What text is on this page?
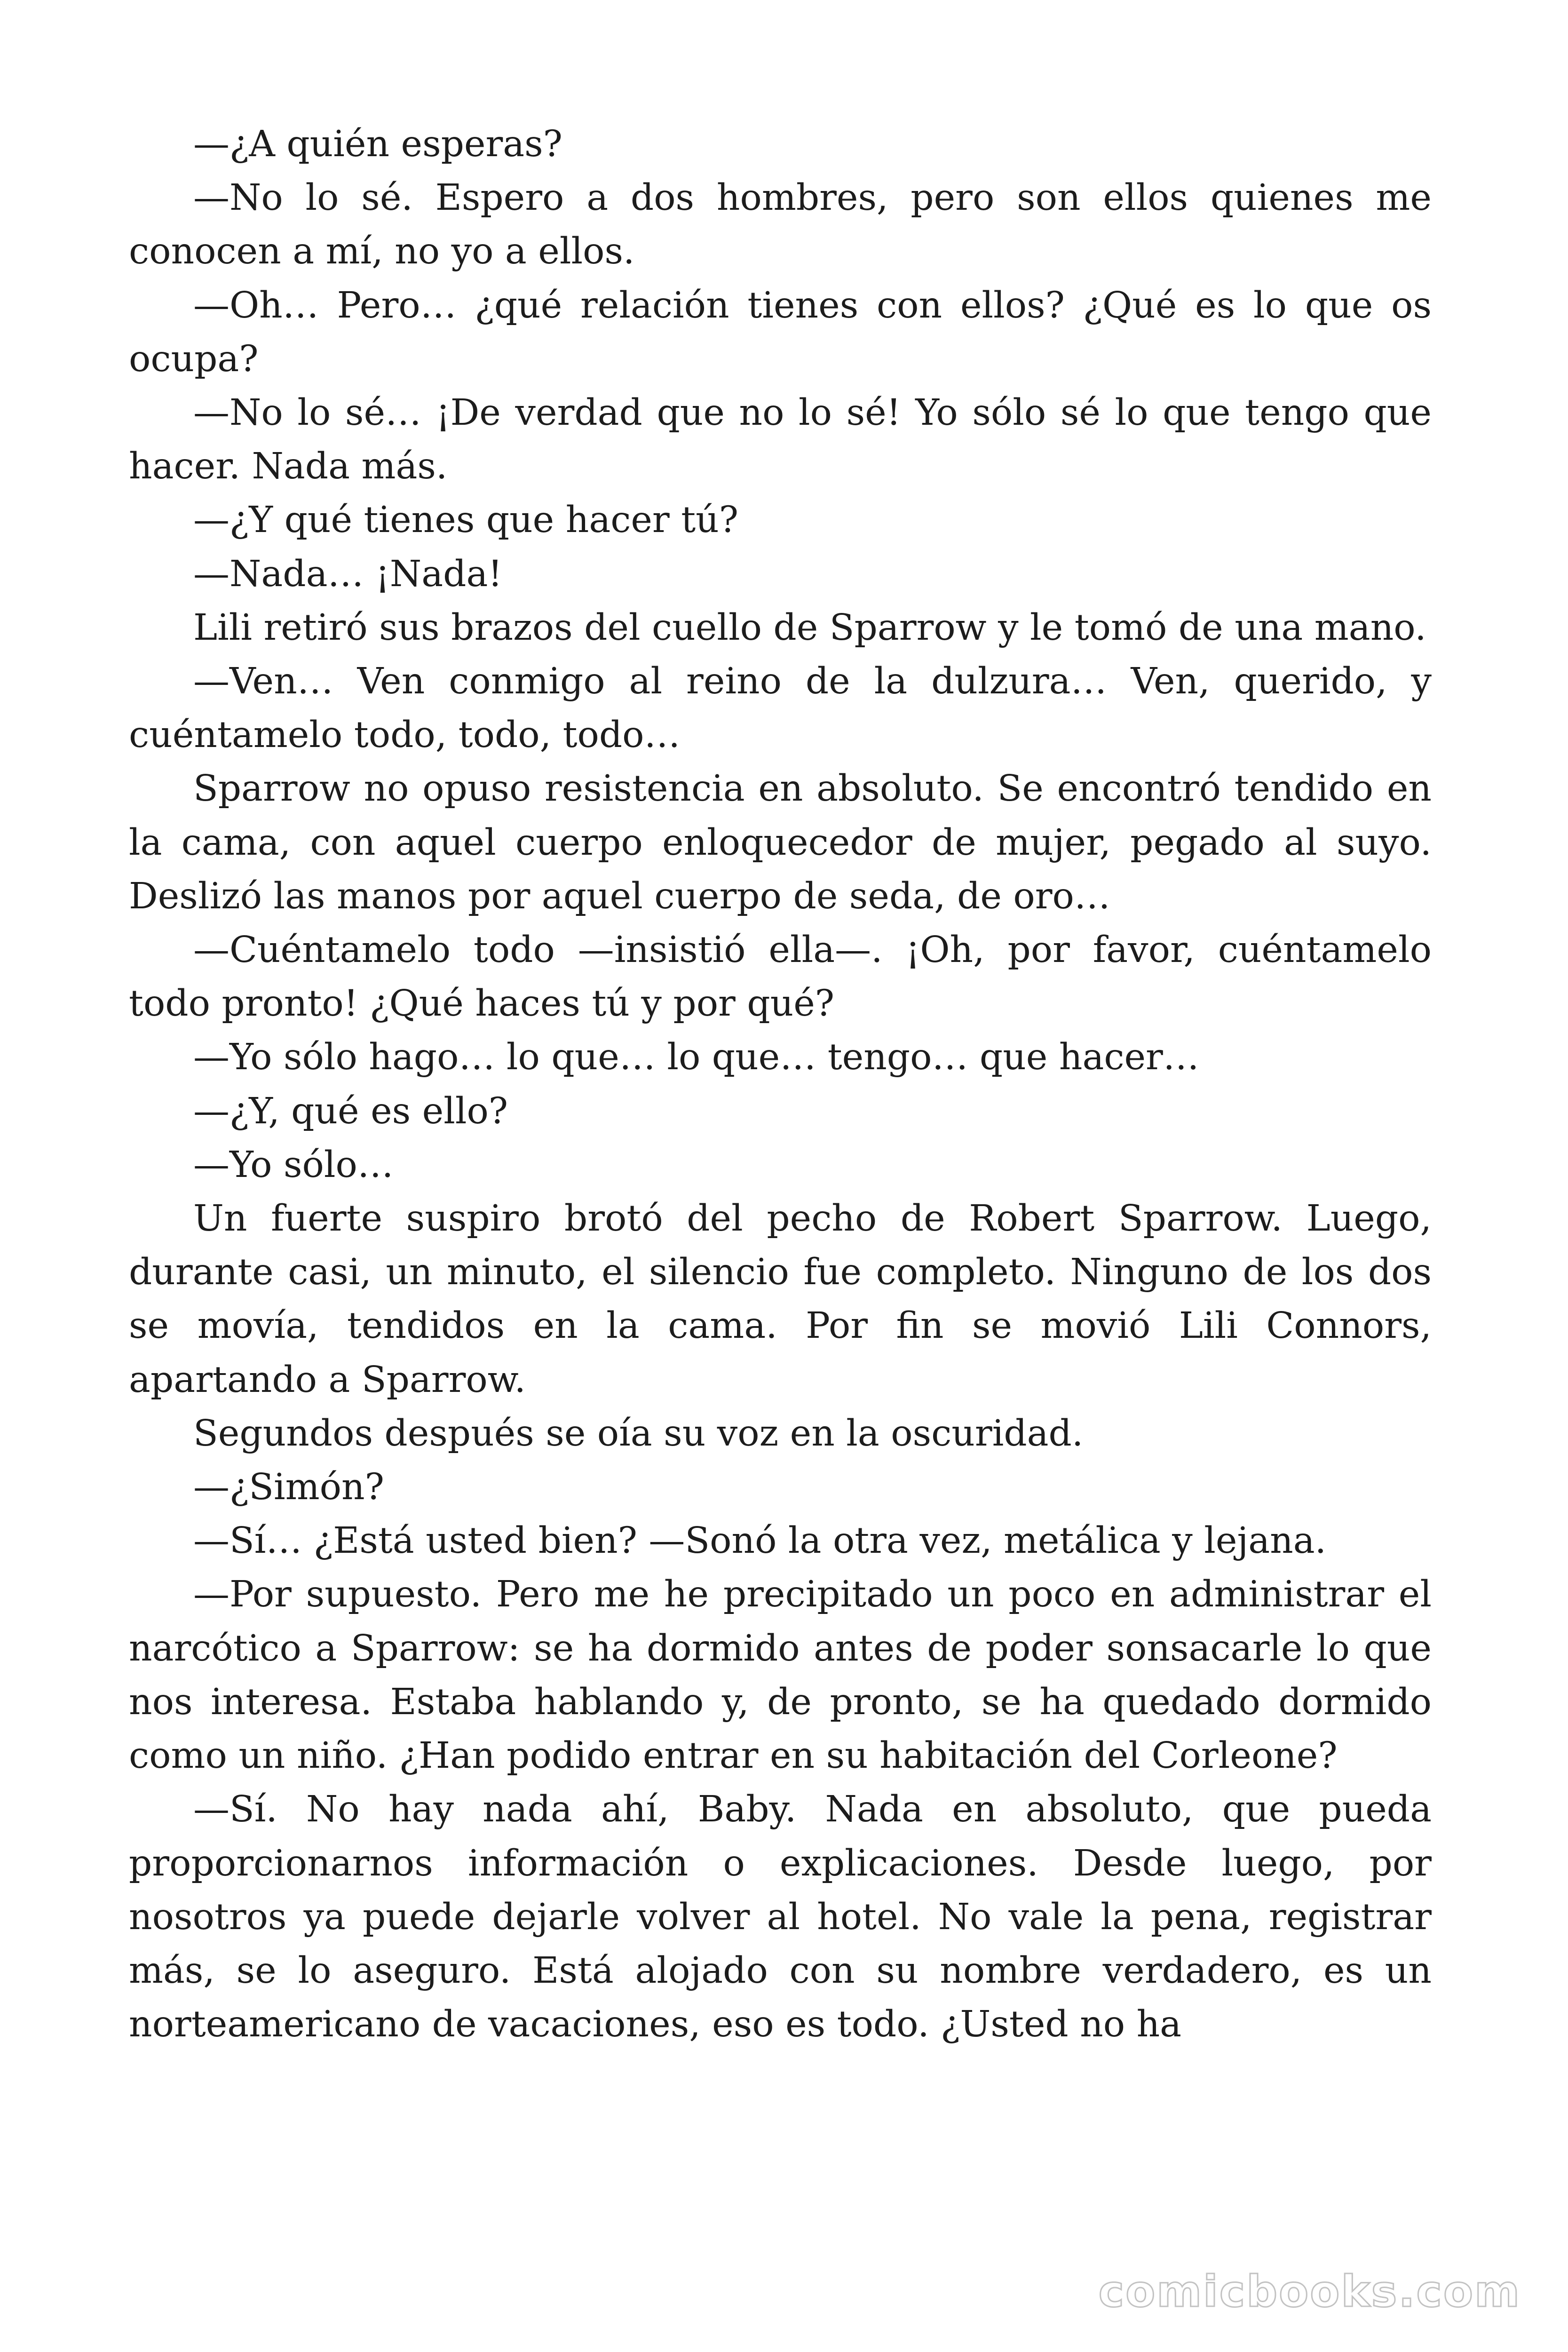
—¿A quién esperas?

—No lo sé. Espero a dos hombres, pero son ellos quienes me conocen a mí, no yo a ellos.

—Oh… Pero… ¿qué relación tienes con ellos? ¿Qué es lo que os ocupa?

—No lo sé… ¡De verdad que no lo sé! Yo sólo sé lo que tengo que hacer. Nada más.

—¿Y qué tienes que hacer tú?

—Nada… ¡Nada!

Lili retiró sus brazos del cuello de Sparrow y le tomó de una mano.

—Ven… Ven conmigo al reino de la dulzura… Ven, querido, y cuéntamelo todo, todo, todo…

Sparrow no opuso resistencia en absoluto. Se encontró tendido en la cama, con aquel cuerpo enloquecedor de mujer, pegado al suyo. Deslizó las manos por aquel cuerpo de seda, de oro…

—Cuéntamelo todo —insistió ella—. ¡Oh, por favor, cuéntamelo todo pronto! ¿Qué haces tú y por qué?

—Yo sólo hago… lo que… lo que… tengo… que hacer…

—¿Y, qué es ello?

—Yo sólo…

Un fuerte suspiro brotó del pecho de Robert Sparrow. Luego, durante casi, un minuto, el silencio fue completo. Ninguno de los dos se movía, tendidos en la cama. Por fin se movió Lili Connors, apartando a Sparrow.

Segundos después se oía su voz en la oscuridad.

—¿Simón?

—Sí… ¿Está usted bien? —Sonó la otra vez, metálica y lejana.

—Por supuesto. Pero me he precipitado un poco en administrar el narcótico a Sparrow: se ha dormido antes de poder sonsacarle lo que nos interesa. Estaba hablando y, de pronto, se ha quedado dormido como un niño. ¿Han podido entrar en su habitación del Corleone?

—Sí. No hay nada ahí, Baby. Nada en absoluto, que pueda proporcionarnos información o explicaciones. Desde luego, por nosotros ya puede dejarle volver al hotel. No vale la pena, registrar más, se lo aseguro. Está alojado con su nombre verdadero, es un norteamericano de vacaciones, eso es todo. ¿Usted no ha

comicbooks.com
